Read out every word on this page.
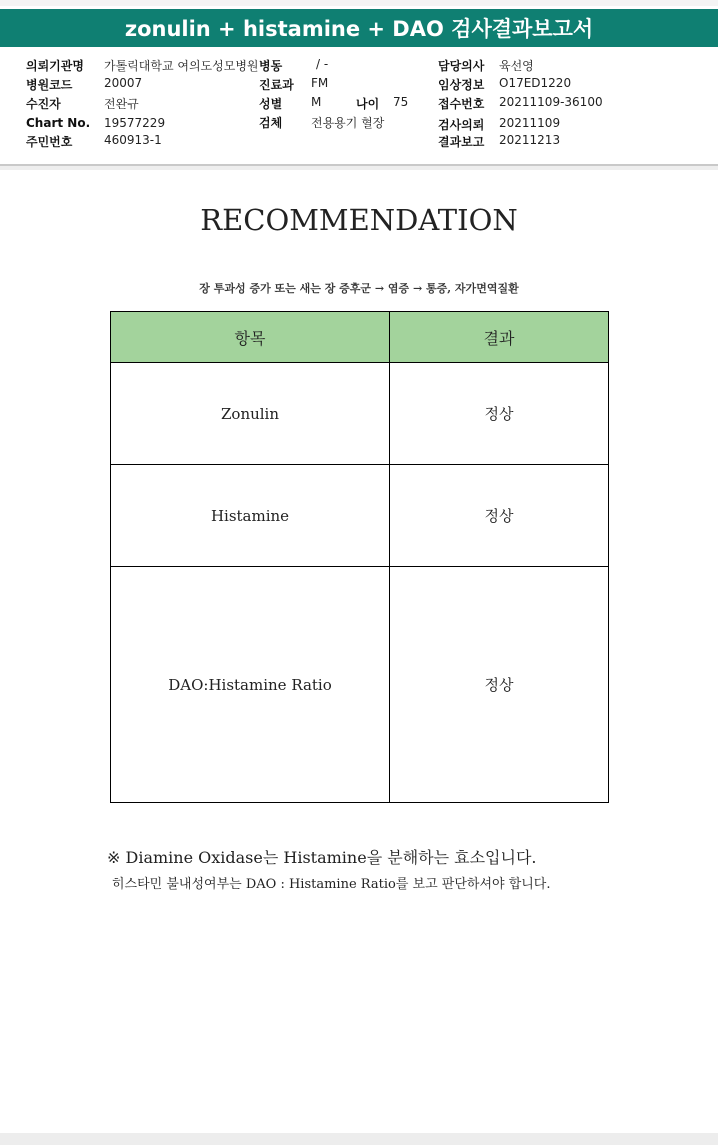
zonulin + histamine + DAO 검사결과보고서
의뢰기관명 가톨릭대학교 여의도성모병원 병동	/ -	담당의사 육선영
병원코드	20007	진료과 FM	임상정보 O17ED1220
수진자	전완규	성별 M	나이 75 접수번호 20211109-36100
Chart No. 19577229	검체 전용용기 혈장	검사의뢰 20211109
주민번호	460913-1	결과보고 20211213
RECOMMENDATION
장 투과성 증가 또는 새는 장 증후군 → 염증 → 통증, 자가면역질환
항목	결과
Zonulin	정상
Histamine	정상
DAO:Histamine Ratio	정상
※ Diamine Oxidase는 Histamine을 분해하는 효소입니다.
히스타민 불내성여부는 DAO : Histamine Ratio를 보고 판단하셔야 합니다.
